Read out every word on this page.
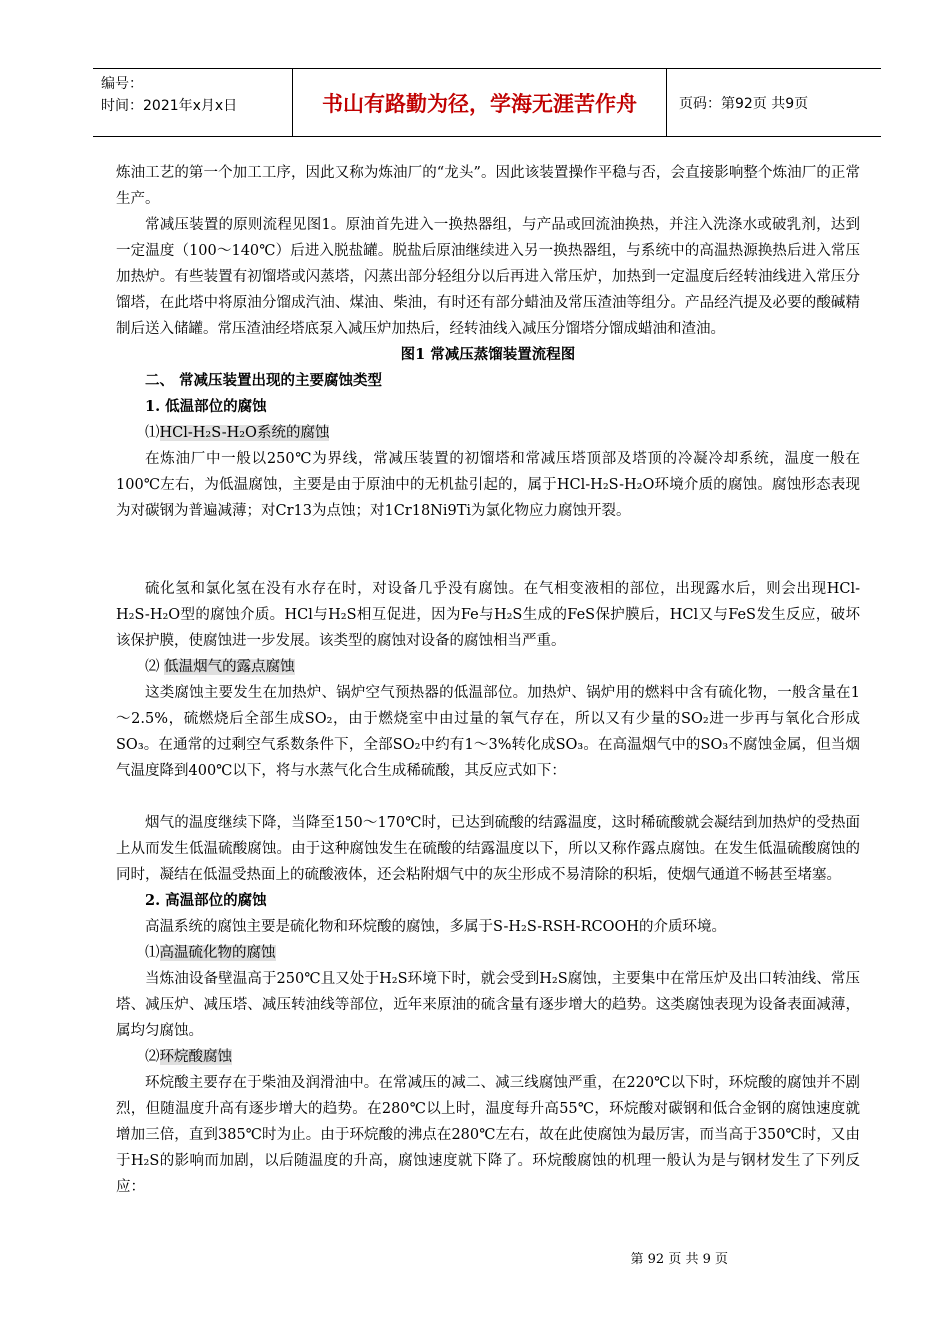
编号：
时间：2021年x月x日	书山有路勤为径，学海无涯苦作舟	页码：第92页 共9页

炼油工艺的第一个加工工序，因此又称为炼油厂的“龙头”。因此该装置操作平稳与否，会直接影响整个炼油厂的正常生产。

常减压装置的原则流程见图1。原油首先进入一换热器组，与产品或回流油换热，并注入洗涤水或破乳剂，达到一定温度（100～140℃）后进入脱盐罐。脱盐后原油继续进入另一换热器组，与系统中的高温热源换热后进入常压加热炉。有些装置有初馏塔或闪蒸塔，闪蒸出部分轻组分以后再进入常压炉，加热到一定温度后经转油线进入常压分馏塔，在此塔中将原油分馏成汽油、煤油、柴油，有时还有部分蜡油及常压渣油等组分。产品经汽提及必要的酸碱精制后送入储罐。常压渣油经塔底泵入减压炉加热后，经转油线入减压分馏塔分馏成蜡油和渣油。

图1 常减压蒸馏装置流程图

二、 常减压装置出现的主要腐蚀类型

1. 低温部位的腐蚀

⑴HCl-H₂S-H₂O系统的腐蚀

在炼油厂中一般以250℃为界线，常减压装置的初馏塔和常减压塔顶部及塔顶的冷凝冷却系统，温度一般在100℃左右，为低温腐蚀，主要是由于原油中的无机盐引起的，属于HCl-H₂S-H₂O环境介质的腐蚀。腐蚀形态表现为对碳钢为普遍减薄；对Cr13为点蚀；对1Cr18Ni9Ti为氯化物应力腐蚀开裂。

硫化氢和氯化氢在没有水存在时，对设备几乎没有腐蚀。在气相变液相的部位，出现露水后，则会出现HCl-H₂S-H₂O型的腐蚀介质。HCl与H₂S相互促进，因为Fe与H₂S生成的FeS保护膜后，HCl又与FeS发生反应，破坏该保护膜，使腐蚀进一步发展。该类型的腐蚀对设备的腐蚀相当严重。

⑵ 低温烟气的露点腐蚀

这类腐蚀主要发生在加热炉、锅炉空气预热器的低温部位。加热炉、锅炉用的燃料中含有硫化物，一般含量在1～2.5%，硫燃烧后全部生成SO₂，由于燃烧室中由过量的氧气存在，所以又有少量的SO₂进一步再与氧化合形成SO₃。在通常的过剩空气系数条件下，全部SO₂中约有1～3%转化成SO₃。在高温烟气中的SO₃不腐蚀金属，但当烟气温度降到400℃以下，将与水蒸气化合生成稀硫酸，其反应式如下：

烟气的温度继续下降，当降至150～170℃时，已达到硫酸的结露温度，这时稀硫酸就会凝结到加热炉的受热面上从而发生低温硫酸腐蚀。由于这种腐蚀发生在硫酸的结露温度以下，所以又称作露点腐蚀。在发生低温硫酸腐蚀的同时，凝结在低温受热面上的硫酸液体，还会粘附烟气中的灰尘形成不易清除的积垢，使烟气通道不畅甚至堵塞。

2. 高温部位的腐蚀

高温系统的腐蚀主要是硫化物和环烷酸的腐蚀，多属于S-H₂S-RSH-RCOOH的介质环境。

⑴高温硫化物的腐蚀

当炼油设备壁温高于250℃且又处于H₂S环境下时，就会受到H₂S腐蚀，主要集中在常压炉及出口转油线、常压塔、减压炉、减压塔、减压转油线等部位，近年来原油的硫含量有逐步增大的趋势。这类腐蚀表现为设备表面减薄，属均匀腐蚀。

⑵环烷酸腐蚀

环烷酸主要存在于柴油及润滑油中。在常减压的减二、减三线腐蚀严重，在220℃以下时，环烷酸的腐蚀并不剧烈，但随温度升高有逐步增大的趋势。在280℃以上时，温度每升高55℃，环烷酸对碳钢和低合金钢的腐蚀速度就增加三倍，直到385℃时为止。由于环烷酸的沸点在280℃左右，故在此使腐蚀为最厉害，而当高于350℃时，又由于H₂S的影响而加剧，以后随温度的升高，腐蚀速度就下降了。环烷酸腐蚀的机理一般认为是与钢材发生了下列反应：

第 92 页 共 9 页
